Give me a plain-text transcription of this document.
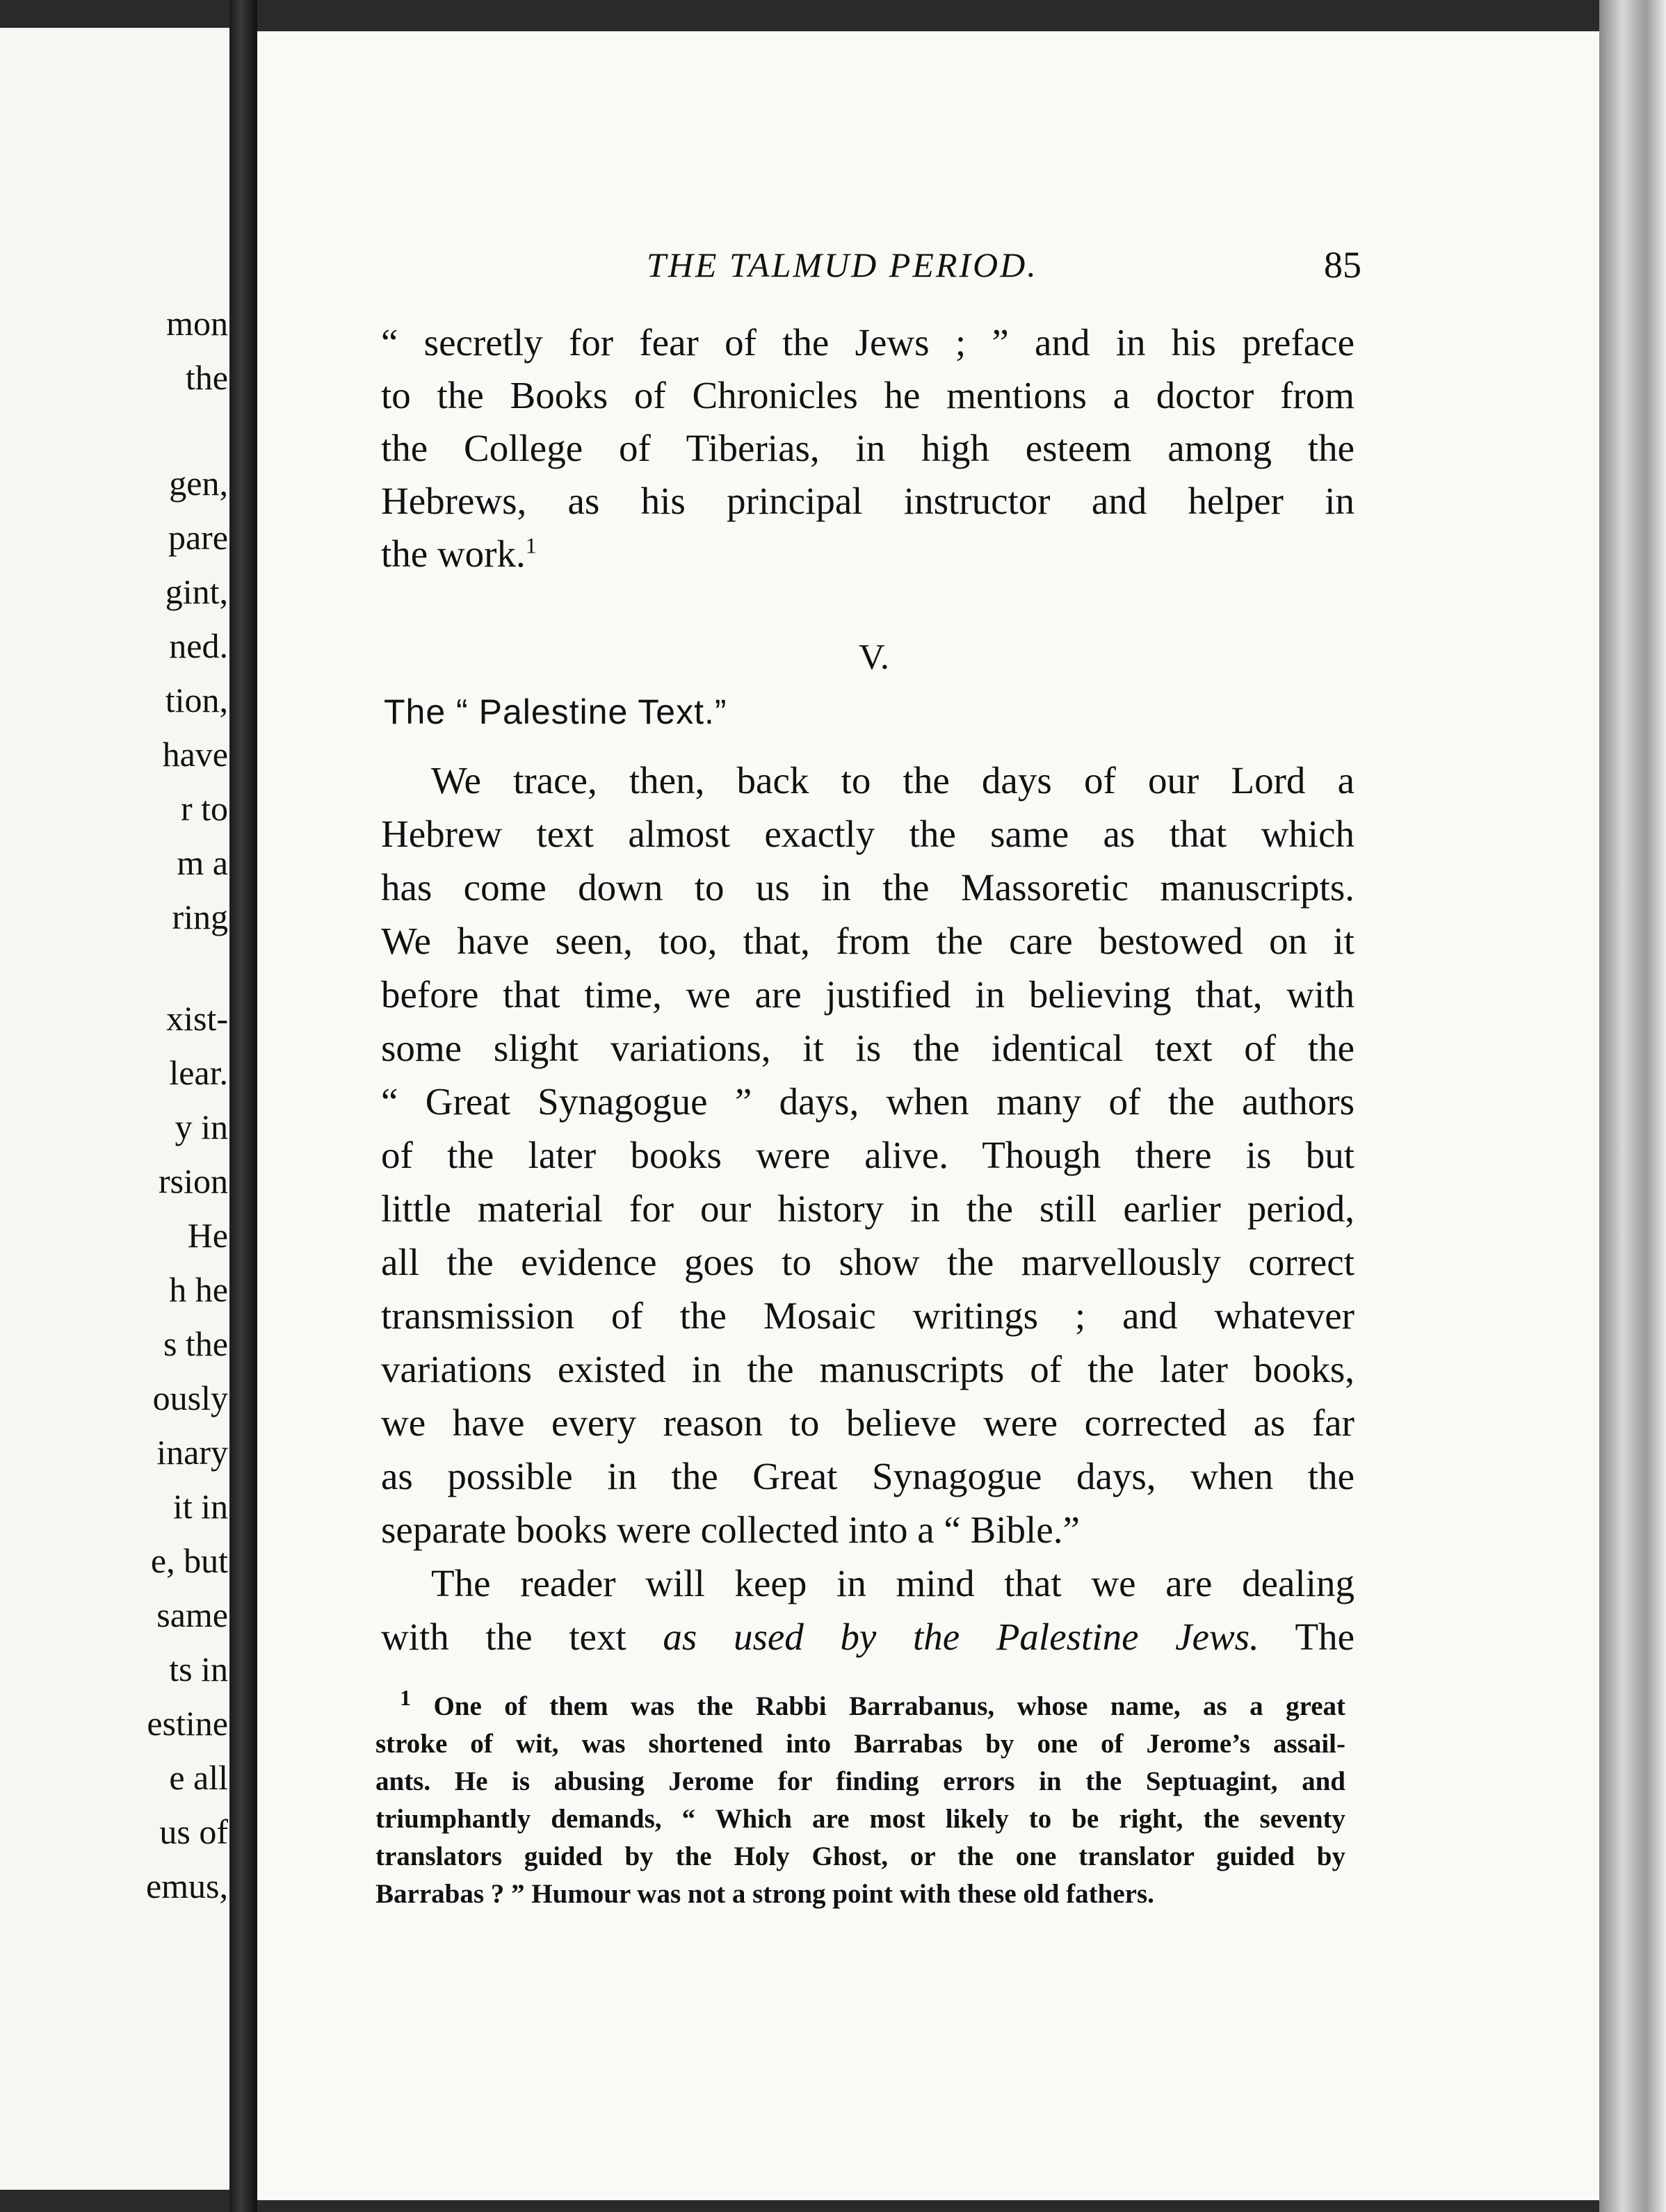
mon
the
gen,
pare
gint,
ned.
tion,
have
r to
m a
ring
xist-
lear.
y in
rsion
He
h he
s the
ously
inary
it in
e, but
same
ts in
estine
e all
us of
emus,
THE TALMUD PERIOD.	85
“ secretly for fear of the Jews ; ” and in his preface
to the Books of Chronicles he mentions a doctor from
the College of Tiberias, in high esteem among the
Hebrews, as his principal instructor and helper in
the work.$^1$
V.
The “ Palestine Text.”
We trace, then, back to the days of our Lord a
Hebrew text almost exactly the same as that which
has come down to us in the Massoretic manuscripts.
We have seen, too, that, from the care bestowed on it
before that time, we are justified in believing that, with
some slight variations, it is the identical text of the
“ Great Synagogue ” days, when many of the authors
of the later books were alive. Though there is but
little material for our history in the still earlier period,
all the evidence goes to show the marvellously correct
transmission of the Mosaic writings ; and whatever
variations existed in the manuscripts of the later books,
we have every reason to believe were corrected as far
as possible in the Great Synagogue days, when the
separate books were collected into a “ Bible.”
The reader will keep in mind that we are dealing
with the text as used by the Palestine Jews. The
$^1$ One of them was the Rabbi Barrabanus, whose name, as a great
stroke of wit, was shortened into Barrabas by one of Jerome’s assail-
ants. He is abusing Jerome for finding errors in the Septuagint, and
triumphantly demands, “ Which are most likely to be right, the seventy
translators guided by the Holy Ghost, or the one translator guided by
Barrabas ? ” Humour was not a strong point with these old fathers.
